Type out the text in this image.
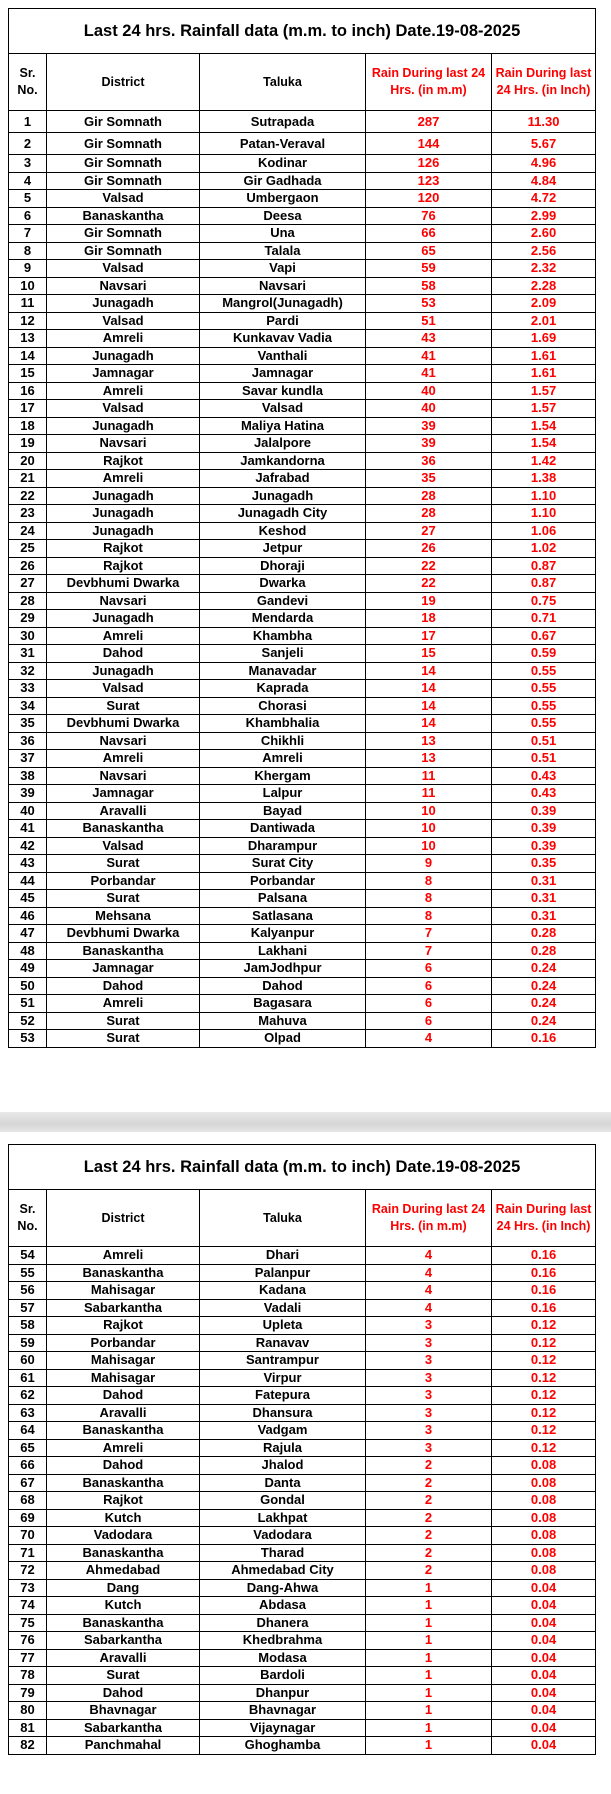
Last 24 hrs. Rainfall data (m.m. to inch) Date.19-08-2025				
Sr. No.	District	Taluka	Rain During last 24 Hrs. (in m.m)	Rain During last 24 Hrs. (in Inch)
1	Gir Somnath	Sutrapada	287	11.30
2	Gir Somnath	Patan-Veraval	144	5.67
3	Gir Somnath	Kodinar	126	4.96
4	Gir Somnath	Gir Gadhada	123	4.84
5	Valsad	Umbergaon	120	4.72
6	Banaskantha	Deesa	76	2.99
7	Gir Somnath	Una	66	2.60
8	Gir Somnath	Talala	65	2.56
9	Valsad	Vapi	59	2.32
10	Navsari	Navsari	58	2.28
11	Junagadh	Mangrol(Junagadh)	53	2.09
12	Valsad	Pardi	51	2.01
13	Amreli	Kunkavav Vadia	43	1.69
14	Junagadh	Vanthali	41	1.61
15	Jamnagar	Jamnagar	41	1.61
16	Amreli	Savar kundla	40	1.57
17	Valsad	Valsad	40	1.57
18	Junagadh	Maliya Hatina	39	1.54
19	Navsari	Jalalpore	39	1.54
20	Rajkot	Jamkandorna	36	1.42
21	Amreli	Jafrabad	35	1.38
22	Junagadh	Junagadh	28	1.10
23	Junagadh	Junagadh City	28	1.10
24	Junagadh	Keshod	27	1.06
25	Rajkot	Jetpur	26	1.02
26	Rajkot	Dhoraji	22	0.87
27	Devbhumi Dwarka	Dwarka	22	0.87
28	Navsari	Gandevi	19	0.75
29	Junagadh	Mendarda	18	0.71
30	Amreli	Khambha	17	0.67
31	Dahod	Sanjeli	15	0.59
32	Junagadh	Manavadar	14	0.55
33	Valsad	Kaprada	14	0.55
34	Surat	Chorasi	14	0.55
35	Devbhumi Dwarka	Khambhalia	14	0.55
36	Navsari	Chikhli	13	0.51
37	Amreli	Amreli	13	0.51
38	Navsari	Khergam	11	0.43
39	Jamnagar	Lalpur	11	0.43
40	Aravalli	Bayad	10	0.39
41	Banaskantha	Dantiwada	10	0.39
42	Valsad	Dharampur	10	0.39
43	Surat	Surat City	9	0.35
44	Porbandar	Porbandar	8	0.31
45	Surat	Palsana	8	0.31
46	Mehsana	Satlasana	8	0.31
47	Devbhumi Dwarka	Kalyanpur	7	0.28
48	Banaskantha	Lakhani	7	0.28
49	Jamnagar	JamJodhpur	6	0.24
50	Dahod	Dahod	6	0.24
51	Amreli	Bagasara	6	0.24
52	Surat	Mahuva	6	0.24
53	Surat	Olpad	4	0.16
Last 24 hrs. Rainfall data (m.m. to inch) Date.19-08-2025				
Sr. No.	District	Taluka	Rain During last 24 Hrs. (in m.m)	Rain During last 24 Hrs. (in Inch)
54	Amreli	Dhari	4	0.16
55	Banaskantha	Palanpur	4	0.16
56	Mahisagar	Kadana	4	0.16
57	Sabarkantha	Vadali	4	0.16
58	Rajkot	Upleta	3	0.12
59	Porbandar	Ranavav	3	0.12
60	Mahisagar	Santrampur	3	0.12
61	Mahisagar	Virpur	3	0.12
62	Dahod	Fatepura	3	0.12
63	Aravalli	Dhansura	3	0.12
64	Banaskantha	Vadgam	3	0.12
65	Amreli	Rajula	3	0.12
66	Dahod	Jhalod	2	0.08
67	Banaskantha	Danta	2	0.08
68	Rajkot	Gondal	2	0.08
69	Kutch	Lakhpat	2	0.08
70	Vadodara	Vadodara	2	0.08
71	Banaskantha	Tharad	2	0.08
72	Ahmedabad	Ahmedabad City	2	0.08
73	Dang	Dang-Ahwa	1	0.04
74	Kutch	Abdasa	1	0.04
75	Banaskantha	Dhanera	1	0.04
76	Sabarkantha	Khedbrahma	1	0.04
77	Aravalli	Modasa	1	0.04
78	Surat	Bardoli	1	0.04
79	Dahod	Dhanpur	1	0.04
80	Bhavnagar	Bhavnagar	1	0.04
81	Sabarkantha	Vijaynagar	1	0.04
82	Panchmahal	Ghoghamba	1	0.04
